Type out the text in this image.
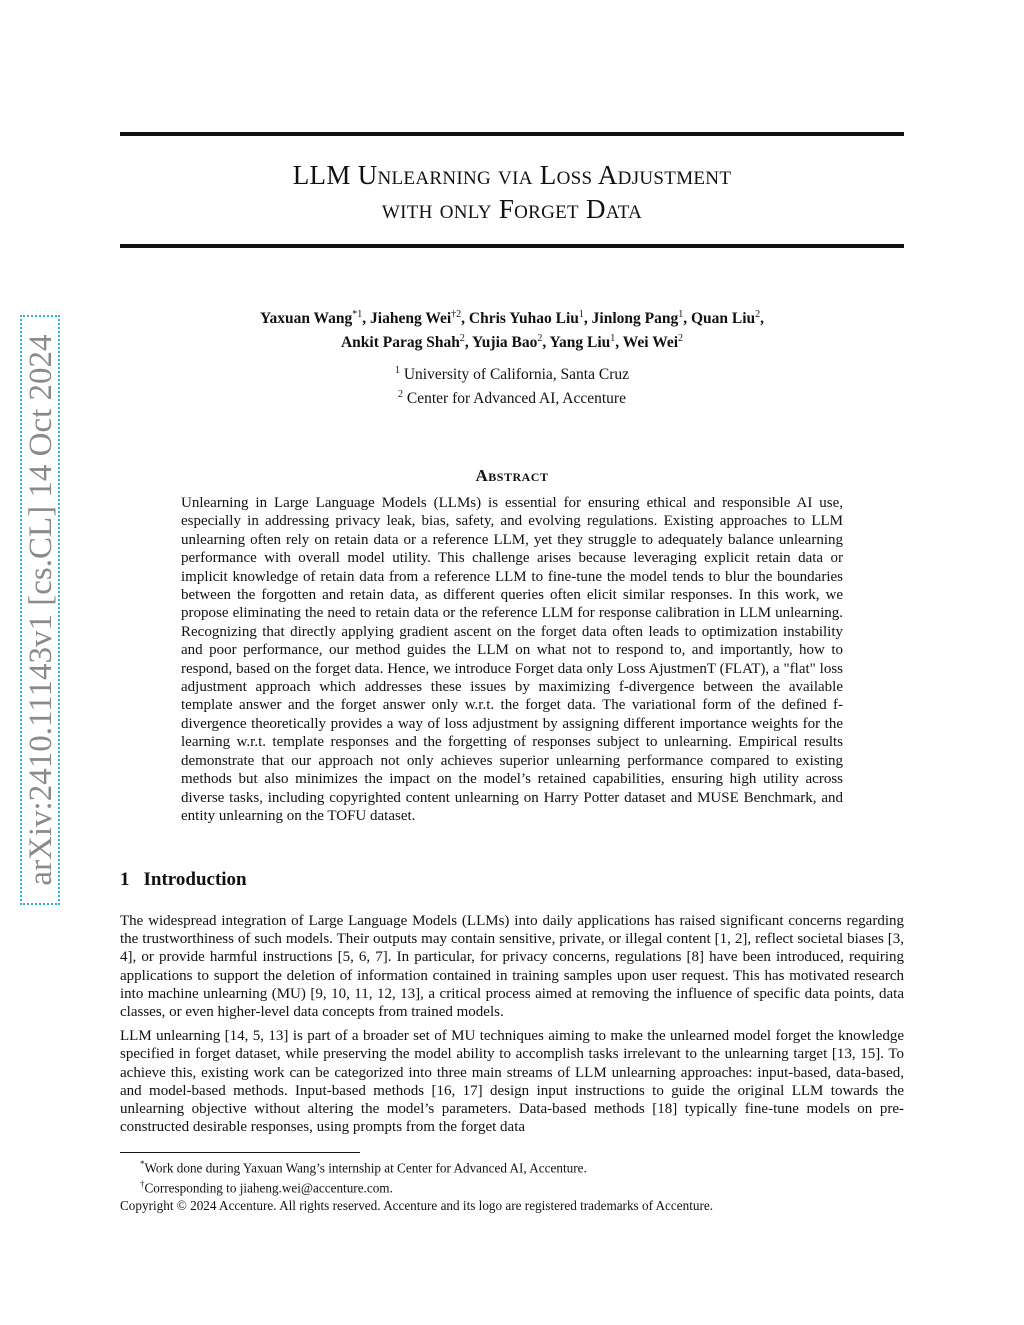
arXiv:2410.11143v1 [cs.CL] 14 Oct 2024
LLM Unlearning via Loss Adjustment
with only Forget Data
Yaxuan Wang$^{*1}$, Jiaheng Wei$^{\dagger 2}$, Chris Yuhao Liu$^1$, Jinlong Pang$^1$, Quan Liu$^2$,
Ankit Parag Shah$^2$, Yujia Bao$^2$, Yang Liu$^1$, Wei Wei$^2$
$^1$ University of California, Santa Cruz
$^2$ Center for Advanced AI, Accenture
Abstract
Unlearning in Large Language Models (LLMs) is essential for ensuring ethical and responsible AI use, especially in addressing privacy leak, bias, safety, and evolving regulations. Existing approaches to LLM unlearning often rely on retain data or a reference LLM, yet they struggle to adequately balance unlearning performance with overall model utility. This challenge arises because leveraging explicit retain data or implicit knowledge of retain data from a reference LLM to fine-tune the model tends to blur the boundaries between the forgotten and retain data, as different queries often elicit similar responses. In this work, we propose eliminating the need to retain data or the reference LLM for response calibration in LLM unlearning. Recognizing that directly applying gradient ascent on the forget data often leads to optimization instability and poor performance, our method guides the LLM on what not to respond to, and importantly, how to respond, based on the forget data. Hence, we introduce Forget data only Loss AjustmenT (FLAT), a "flat" loss adjustment approach which addresses these issues by maximizing f-divergence between the available template answer and the forget answer only w.r.t. the forget data. The variational form of the defined f-divergence theoretically provides a way of loss adjustment by assigning different importance weights for the learning w.r.t. template responses and the forgetting of responses subject to unlearning. Empirical results demonstrate that our approach not only achieves superior unlearning performance compared to existing methods but also minimizes the impact on the model’s retained capabilities, ensuring high utility across diverse tasks, including copyrighted content unlearning on Harry Potter dataset and MUSE Benchmark, and entity unlearning on the TOFU dataset.
1 Introduction

The widespread integration of Large Language Models (LLMs) into daily applications has raised significant concerns regarding the trustworthiness of such models. Their outputs may contain sensitive, private, or illegal content [1, 2], reflect societal biases [3, 4], or provide harmful instructions [5, 6, 7]. In particular, for privacy concerns, regulations [8] have been introduced, requiring applications to support the deletion of information contained in training samples upon user request. This has motivated research into machine unlearning (MU) [9, 10, 11, 12, 13], a critical process aimed at removing the influence of specific data points, data classes, or even higher-level data concepts from trained models.

LLM unlearning [14, 5, 13] is part of a broader set of MU techniques aiming to make the unlearned model forget the knowledge specified in forget dataset, while preserving the model ability to accomplish tasks irrelevant to the unlearning target [13, 15]. To achieve this, existing work can be categorized into three main streams of LLM unlearning approaches: input-based, data-based, and model-based methods. Input-based methods [16, 17] design input instructions to guide the original LLM towards the unlearning objective without altering the model’s parameters. Data-based methods [18] typically fine-tune models on pre-constructed desirable responses, using prompts from the forget data

*Work done during Yaxuan Wang’s internship at Center for Advanced AI, Accenture.
†Corresponding to jiaheng.wei@accenture.com.
Copyright © 2024 Accenture. All rights reserved. Accenture and its logo are registered trademarks of Accenture.
